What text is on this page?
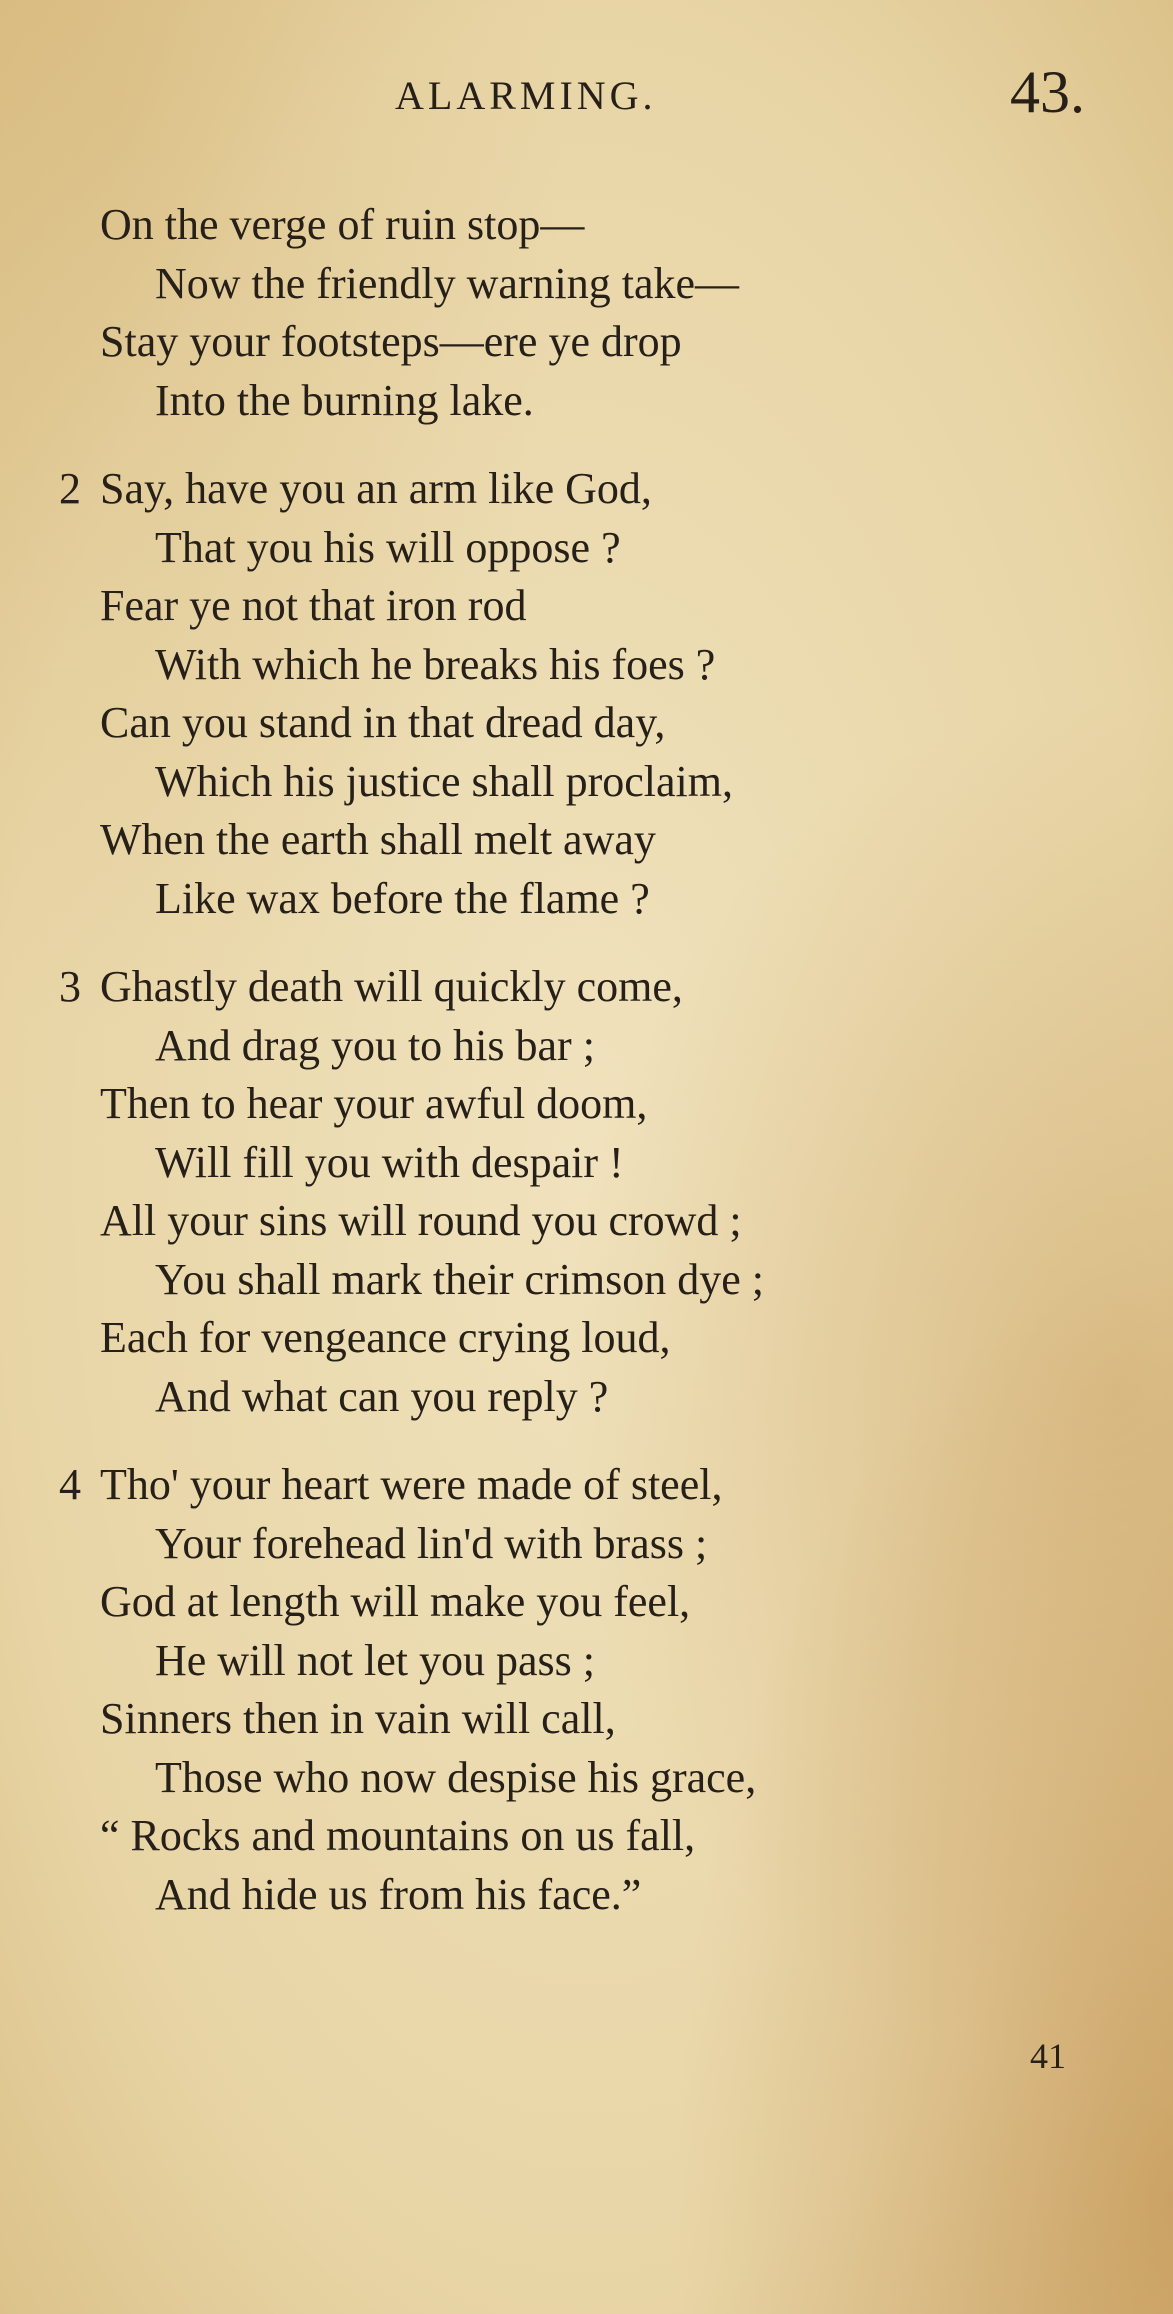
ALARMING.	43.
On the verge of ruin stop—
Now the friendly warning take—
Stay your footsteps—ere ye drop
Into the burning lake.
2 Say, have you an arm like God,
That you his will oppose ?
Fear ye not that iron rod
With which he breaks his foes ?
Can you stand in that dread day,
Which his justice shall proclaim,
When the earth shall melt away
Like wax before the flame ?
3 Ghastly death will quickly come,
And drag you to his bar ;
Then to hear your awful doom,
Will fill you with despair !
All your sins will round you crowd ;
You shall mark their crimson dye ;
Each for vengeance crying loud,
And what can you reply ?
4 Tho' your heart were made of steel,
Your forehead lin'd with brass ;
God at length will make you feel,
He will not let you pass ;
Sinners then in vain will call,
Those who now despise his grace,
“ Rocks and mountains on us fall,
And hide us from his face.”
41
